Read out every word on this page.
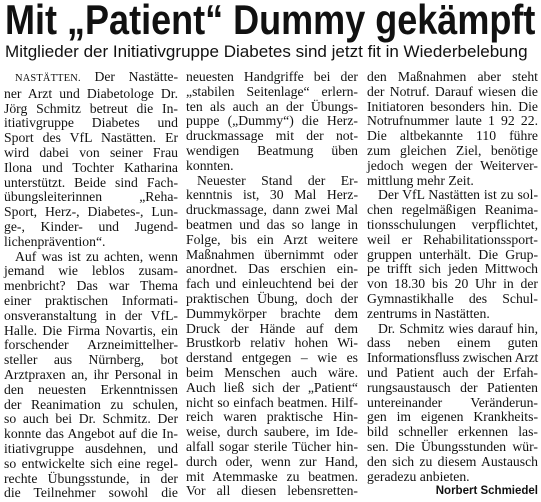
Mit „Patient“ Dummy gekämpft
Mitglieder der Initiativgruppe Diabetes sind jetzt fit in Wiederbelebung
NASTÄTTEN. Der Nastätte-
ner Arzt und Diabetologe Dr.
Jörg Schmitz betreut die In-
itiativgruppe Diabetes und
Sport des VfL Nastätten. Er
wird dabei von seiner Frau
Ilona und Tochter Katharina
unterstützt. Beide sind Fach-
übungsleiterinnen „Reha-
Sport, Herz-, Diabetes-, Lun-
ge-, Kinder- und Jugend-
lichenprävention“.
Auf was ist zu achten, wenn
jemand wie leblos zusam-
menbricht? Das war Thema
einer praktischen Informati-
onsveranstaltung in der VfL-
Halle. Die Firma Novartis, ein
forschender Arzneimittelher-
steller aus Nürnberg, bot
Arztpraxen an, ihr Personal in
den neuesten Erkenntnissen
der Reanimation zu schulen,
so auch bei Dr. Schmitz. Der
konnte das Angebot auf die In-
itiativgruppe ausdehnen, und
so entwickelte sich eine regel-
rechte Übungsstunde, in der
die Teilnehmer sowohl die
neuesten Handgriffe bei der
„stabilen Seitenlage“ erlern-
ten als auch an der Übungs-
puppe („Dummy“) die Herz-
druckmassage mit der not-
wendigen Beatmung üben
konnten.
Neuester Stand der Er-
kenntnis ist, 30 Mal Herz-
druckmassage, dann zwei Mal
beatmen und das so lange in
Folge, bis ein Arzt weitere
Maßnahmen übernimmt oder
anordnet. Das erschien ein-
fach und einleuchtend bei der
praktischen Übung, doch der
Dummykörper brachte dem
Druck der Hände auf dem
Brustkorb relativ hohen Wi-
derstand entgegen – wie es
beim Menschen auch wäre.
Auch ließ sich der „Patient“
nicht so einfach beatmen. Hilf-
reich waren praktische Hin-
weise, durch saubere, im Ide-
alfall sogar sterile Tücher hin-
durch oder, wenn zur Hand,
mit Atemmaske zu beatmen.
Vor all diesen lebensretten-
den Maßnahmen aber steht
der Notruf. Darauf wiesen die
Initiatoren besonders hin. Die
Notrufnummer laute 1 92 22.
Die altbekannte 110 führe
zum gleichen Ziel, benötige
jedoch wegen der Weiterver-
mittlung mehr Zeit.
Der VfL Nastätten ist zu sol-
chen regelmäßigen Reanima-
tionsschulungen verpflichtet,
weil er Rehabilitationssport-
gruppen unterhält. Die Grup-
pe trifft sich jeden Mittwoch
von 18.30 bis 20 Uhr in der
Gymnastikhalle des Schul-
zentrums in Nastätten.
Dr. Schmitz wies darauf hin,
dass neben einem guten
Informationsfluss zwischen Arzt
und Patient auch der Erfah-
rungsaustausch der Patienten
untereinander Veränderun-
gen im eigenen Krankheits-
bild schneller erkennen las-
sen. Die Übungsstunden wür-
den sich zu diesem Austausch
geradezu anbieten.
Norbert Schmiedel
